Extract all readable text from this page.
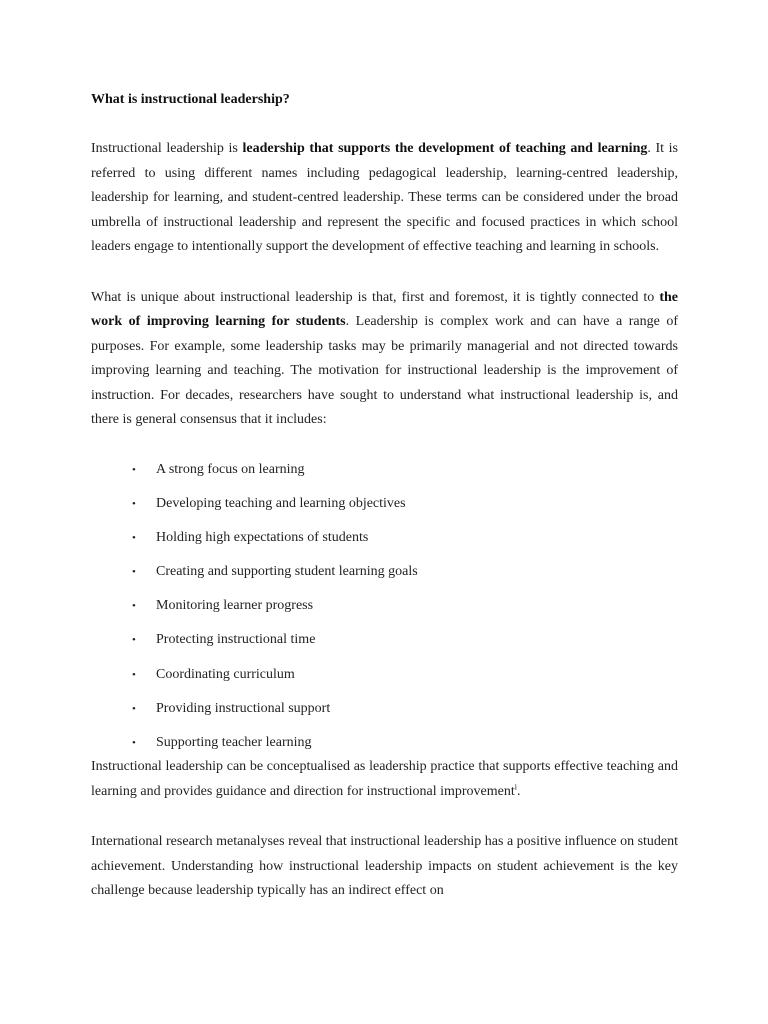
What is instructional leadership?

Instructional leadership is leadership that supports the development of teaching and learning. It is referred to using different names including pedagogical leadership, learning-centred leadership, leadership for learning, and student-centred leadership. These terms can be considered under the broad umbrella of instructional leadership and represent the specific and focused practices in which school leaders engage to intentionally support the development of effective teaching and learning in schools.

What is unique about instructional leadership is that, first and foremost, it is tightly connected to the work of improving learning for students. Leadership is complex work and can have a range of purposes. For example, some leadership tasks may be primarily managerial and not directed towards improving learning and teaching. The motivation for instructional leadership is the improvement of instruction. For decades, researchers have sought to understand what instructional leadership is, and there is general consensus that it includes:

• A strong focus on learning
• Developing teaching and learning objectives
• Holding high expectations of students
• Creating and supporting student learning goals
• Monitoring learner progress
• Protecting instructional time
• Coordinating curriculum
• Providing instructional support
• Supporting teacher learning

Instructional leadership can be conceptualised as leadership practice that supports effective teaching and learning and provides guidance and direction for instructional improvement$^i$.

International research metanalyses reveal that instructional leadership has a positive influence on student achievement. Understanding how instructional leadership impacts on student achievement is the key challenge because leadership typically has an indirect effect on
